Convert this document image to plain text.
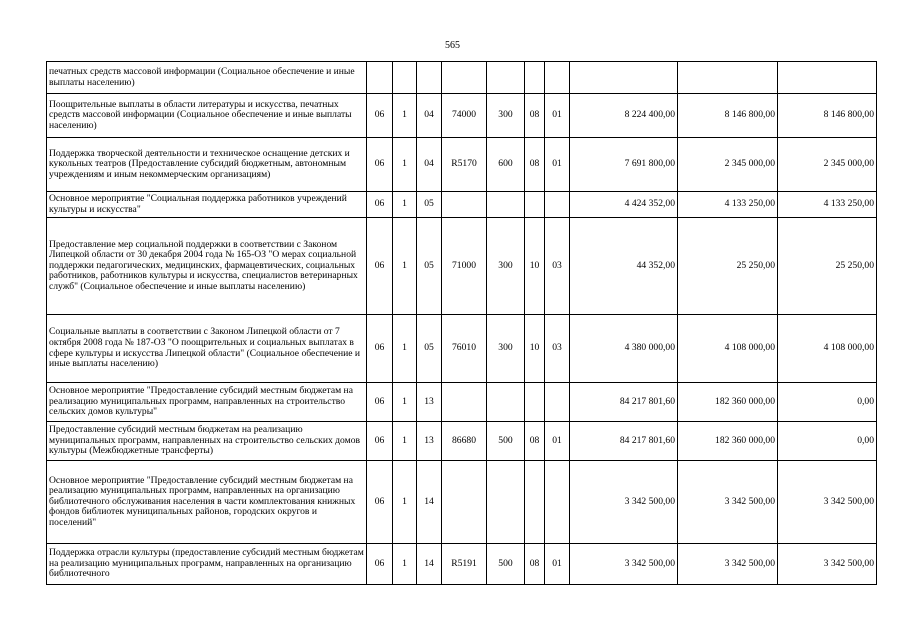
565
печатных средств массовой информации (Социальное обеспечение и иные выплаты населению)										
Поощрительные выплаты в области литературы и искусства, печатных средств массовой информации (Социальное обеспечение и иные выплаты населению)	06	1	04	74000	300	08	01	8 224 400,00	8 146 800,00	8 146 800,00
Поддержка творческой деятельности и техническое оснащение детских и кукольных театров (Предоставление субсидий бюджетным, автономным учреждениям и иным некоммерческим организациям)	06	1	04	R5170	600	08	01	7 691 800,00	2 345 000,00	2 345 000,00
Основное мероприятие "Социальная поддержка работников учреждений культуры и искусства"	06	1	05					4 424 352,00	4 133 250,00	4 133 250,00
Предоставление мер социальной поддержки в соответствии с Законом Липецкой области от 30 декабря 2004 года № 165-ОЗ "О мерах социальной поддержки педагогических, медицинских, фармацевтических, социальных работников, работников культуры и искусства, специалистов ветеринарных служб" (Социальное обеспечение и иные выплаты населению)	06	1	05	71000	300	10	03	44 352,00	25 250,00	25 250,00
Социальные выплаты в соответствии с Законом Липецкой области от 7 октября 2008 года № 187-ОЗ "О поощрительных и социальных выплатах в сфере культуры и искусства Липецкой области" (Социальное обеспечение и иные выплаты населению)	06	1	05	76010	300	10	03	4 380 000,00	4 108 000,00	4 108 000,00
Основное мероприятие "Предоставление субсидий местным бюджетам на реализацию муниципальных программ, направленных на строительство сельских домов культуры"	06	1	13					84 217 801,60	182 360 000,00	0,00
Предоставление субсидий местным бюджетам на реализацию муниципальных программ, направленных на строительство сельских домов культуры (Межбюджетные трансферты)	06	1	13	86680	500	08	01	84 217 801,60	182 360 000,00	0,00
Основное мероприятие "Предоставление субсидий местным бюджетам на реализацию муниципальных программ, направленных на организацию библиотечного обслуживания населения в части комплектования книжных фондов библиотек муниципальных районов, городских округов и поселений"	06	1	14					3 342 500,00	3 342 500,00	3 342 500,00
Поддержка отрасли культуры (предоставление субсидий местным бюджетам на реализацию муниципальных программ, направленных на организацию библиотечного	06	1	14	R5191	500	08	01	3 342 500,00	3 342 500,00	3 342 500,00
